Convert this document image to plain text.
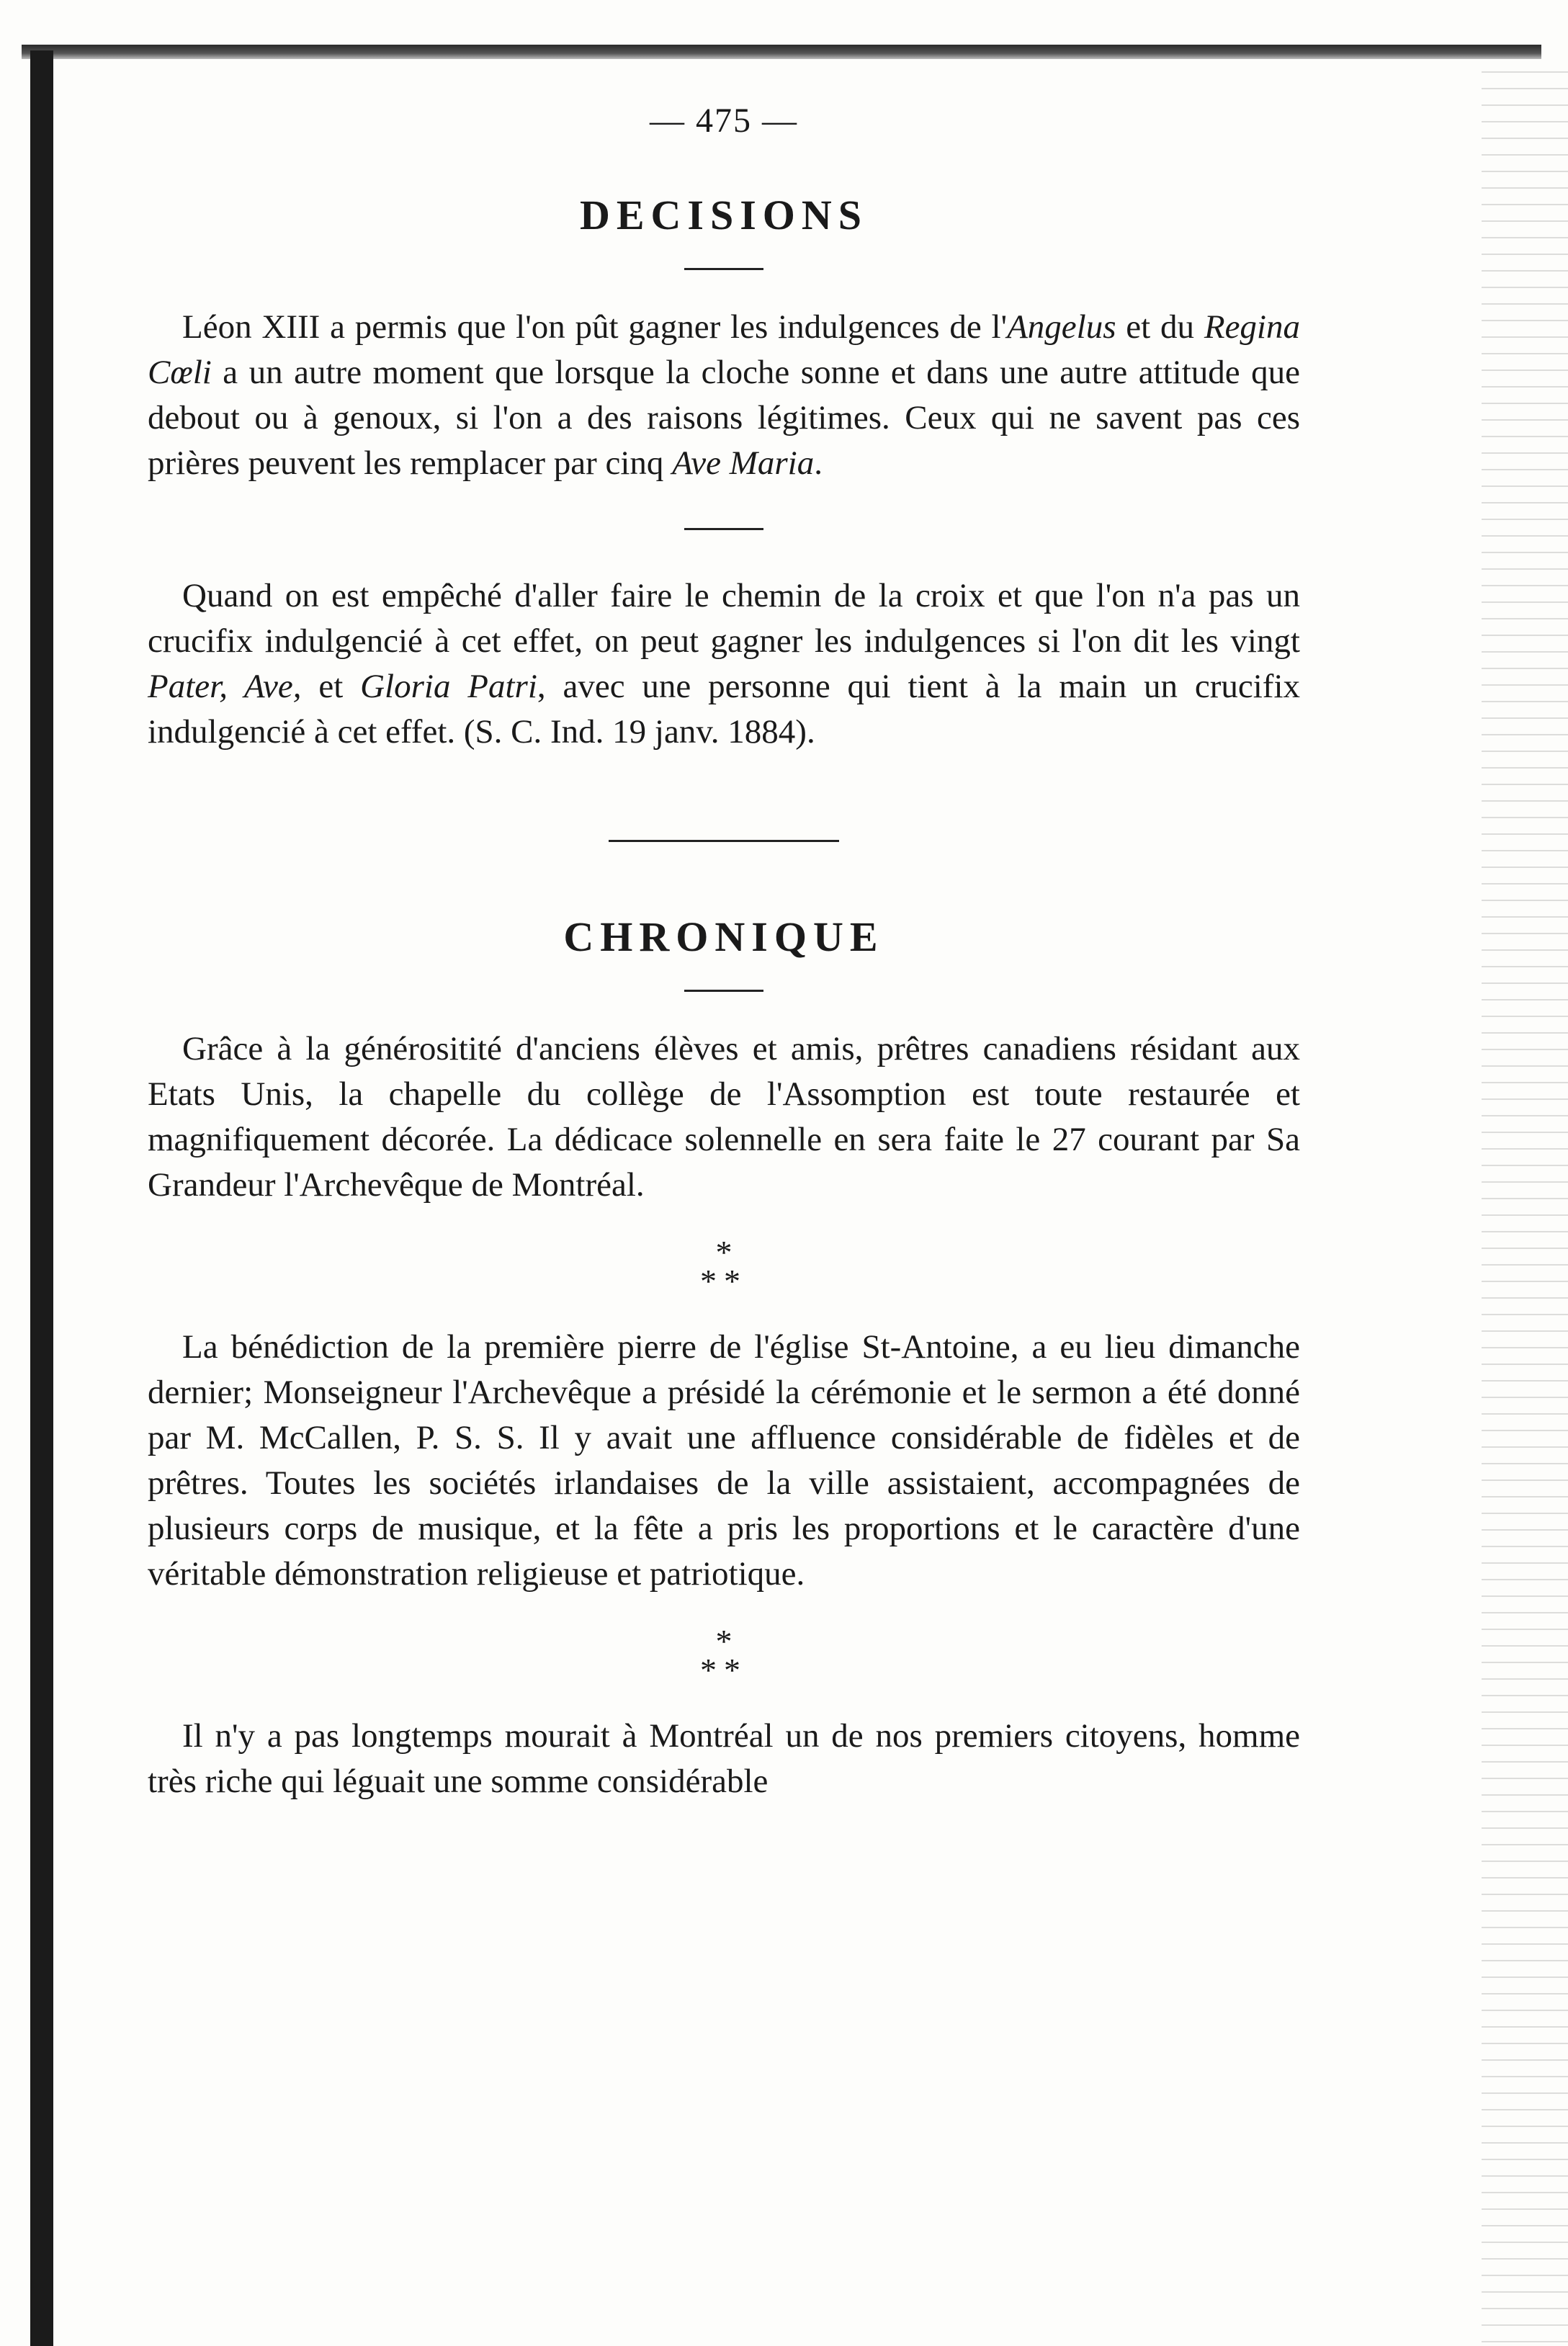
— 475 —
DECISIONS

Léon XIII a permis que l'on pût gagner les indulgences de l'Angelus et du Regina Cœli a un autre moment que lorsque la cloche sonne et dans une autre attitude que debout ou à genoux, si l'on a des raisons légitimes. Ceux qui ne savent pas ces prières peuvent les remplacer par cinq Ave Maria.

Quand on est empêché d'aller faire le chemin de la croix et que l'on n'a pas un crucifix indulgencié à cet effet, on peut gagner les indulgences si l'on dit les vingt Pater, Ave, et Gloria Patri, avec une personne qui tient à la main un crucifix indulgencié à cet effet. (S. C. Ind. 19 janv. 1884).

CHRONIQUE

Grâce à la générositité d'anciens élèves et amis, prêtres canadiens résidant aux Etats Unis, la chapelle du collège de l'Assomption est toute restaurée et magnifiquement décorée. La dédicace solennelle en sera faite le 27 courant par Sa Grandeur l'Archevêque de Montréal.

*
**

La bénédiction de la première pierre de l'église St-Antoine, a eu lieu dimanche dernier; Monseigneur l'Archevêque a présidé la cérémonie et le sermon a été donné par M. McCallen, P. S. S. Il y avait une affluence considérable de fidèles et de prêtres. Toutes les sociétés irlandaises de la ville assistaient, accompagnées de plusieurs corps de musique, et la fête a pris les proportions et le caractère d'une véritable démonstration religieuse et patriotique.

*
**

Il n'y a pas longtemps mourait à Montréal un de nos premiers citoyens, homme très riche qui léguait une somme considérable
